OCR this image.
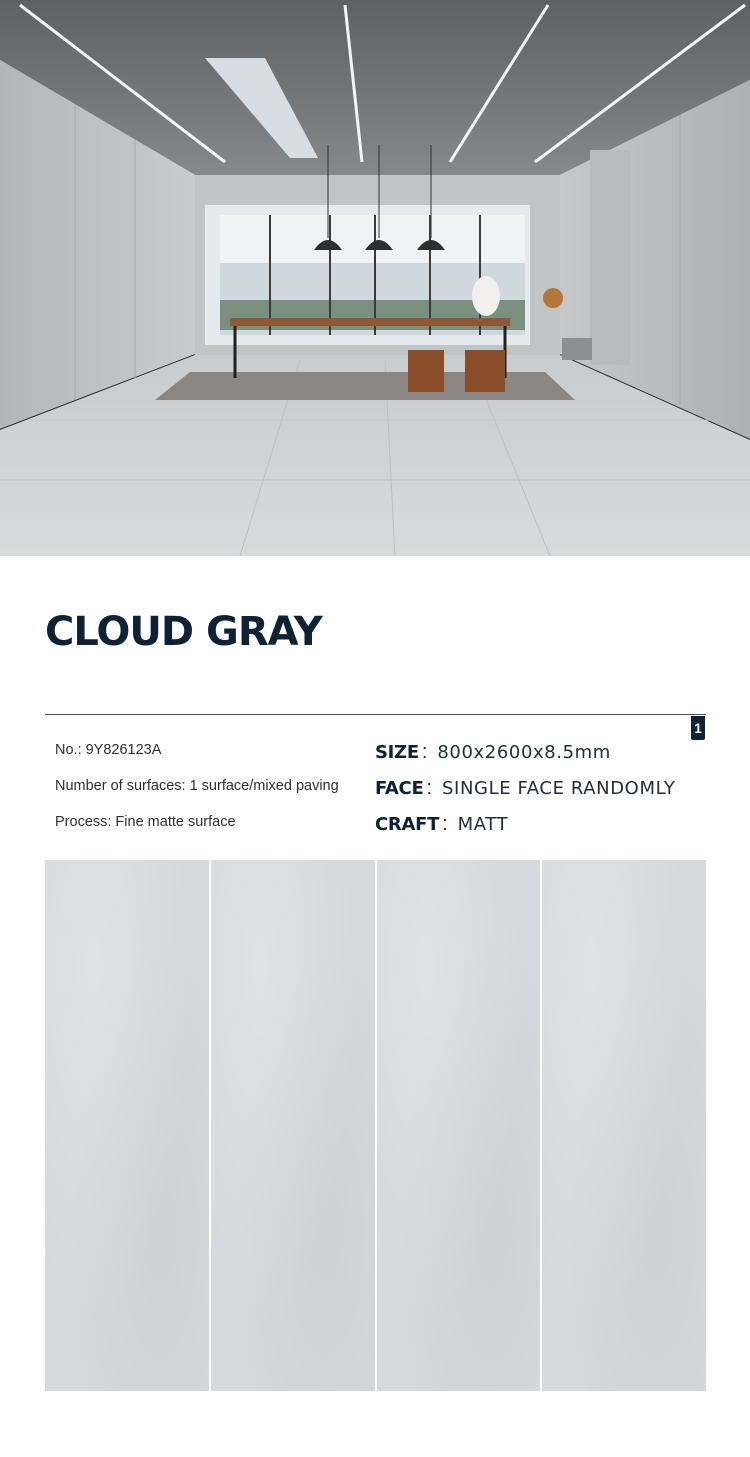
CLOUD GRAY
1
No.: 9Y826123A
Number of surfaces: 1 surface/mixed paving
Process: Fine matte surface
SIZE : 800x2600x8.5mm
FACE : SINGLE FACE RANDOMLY
CRAFT : MATT
